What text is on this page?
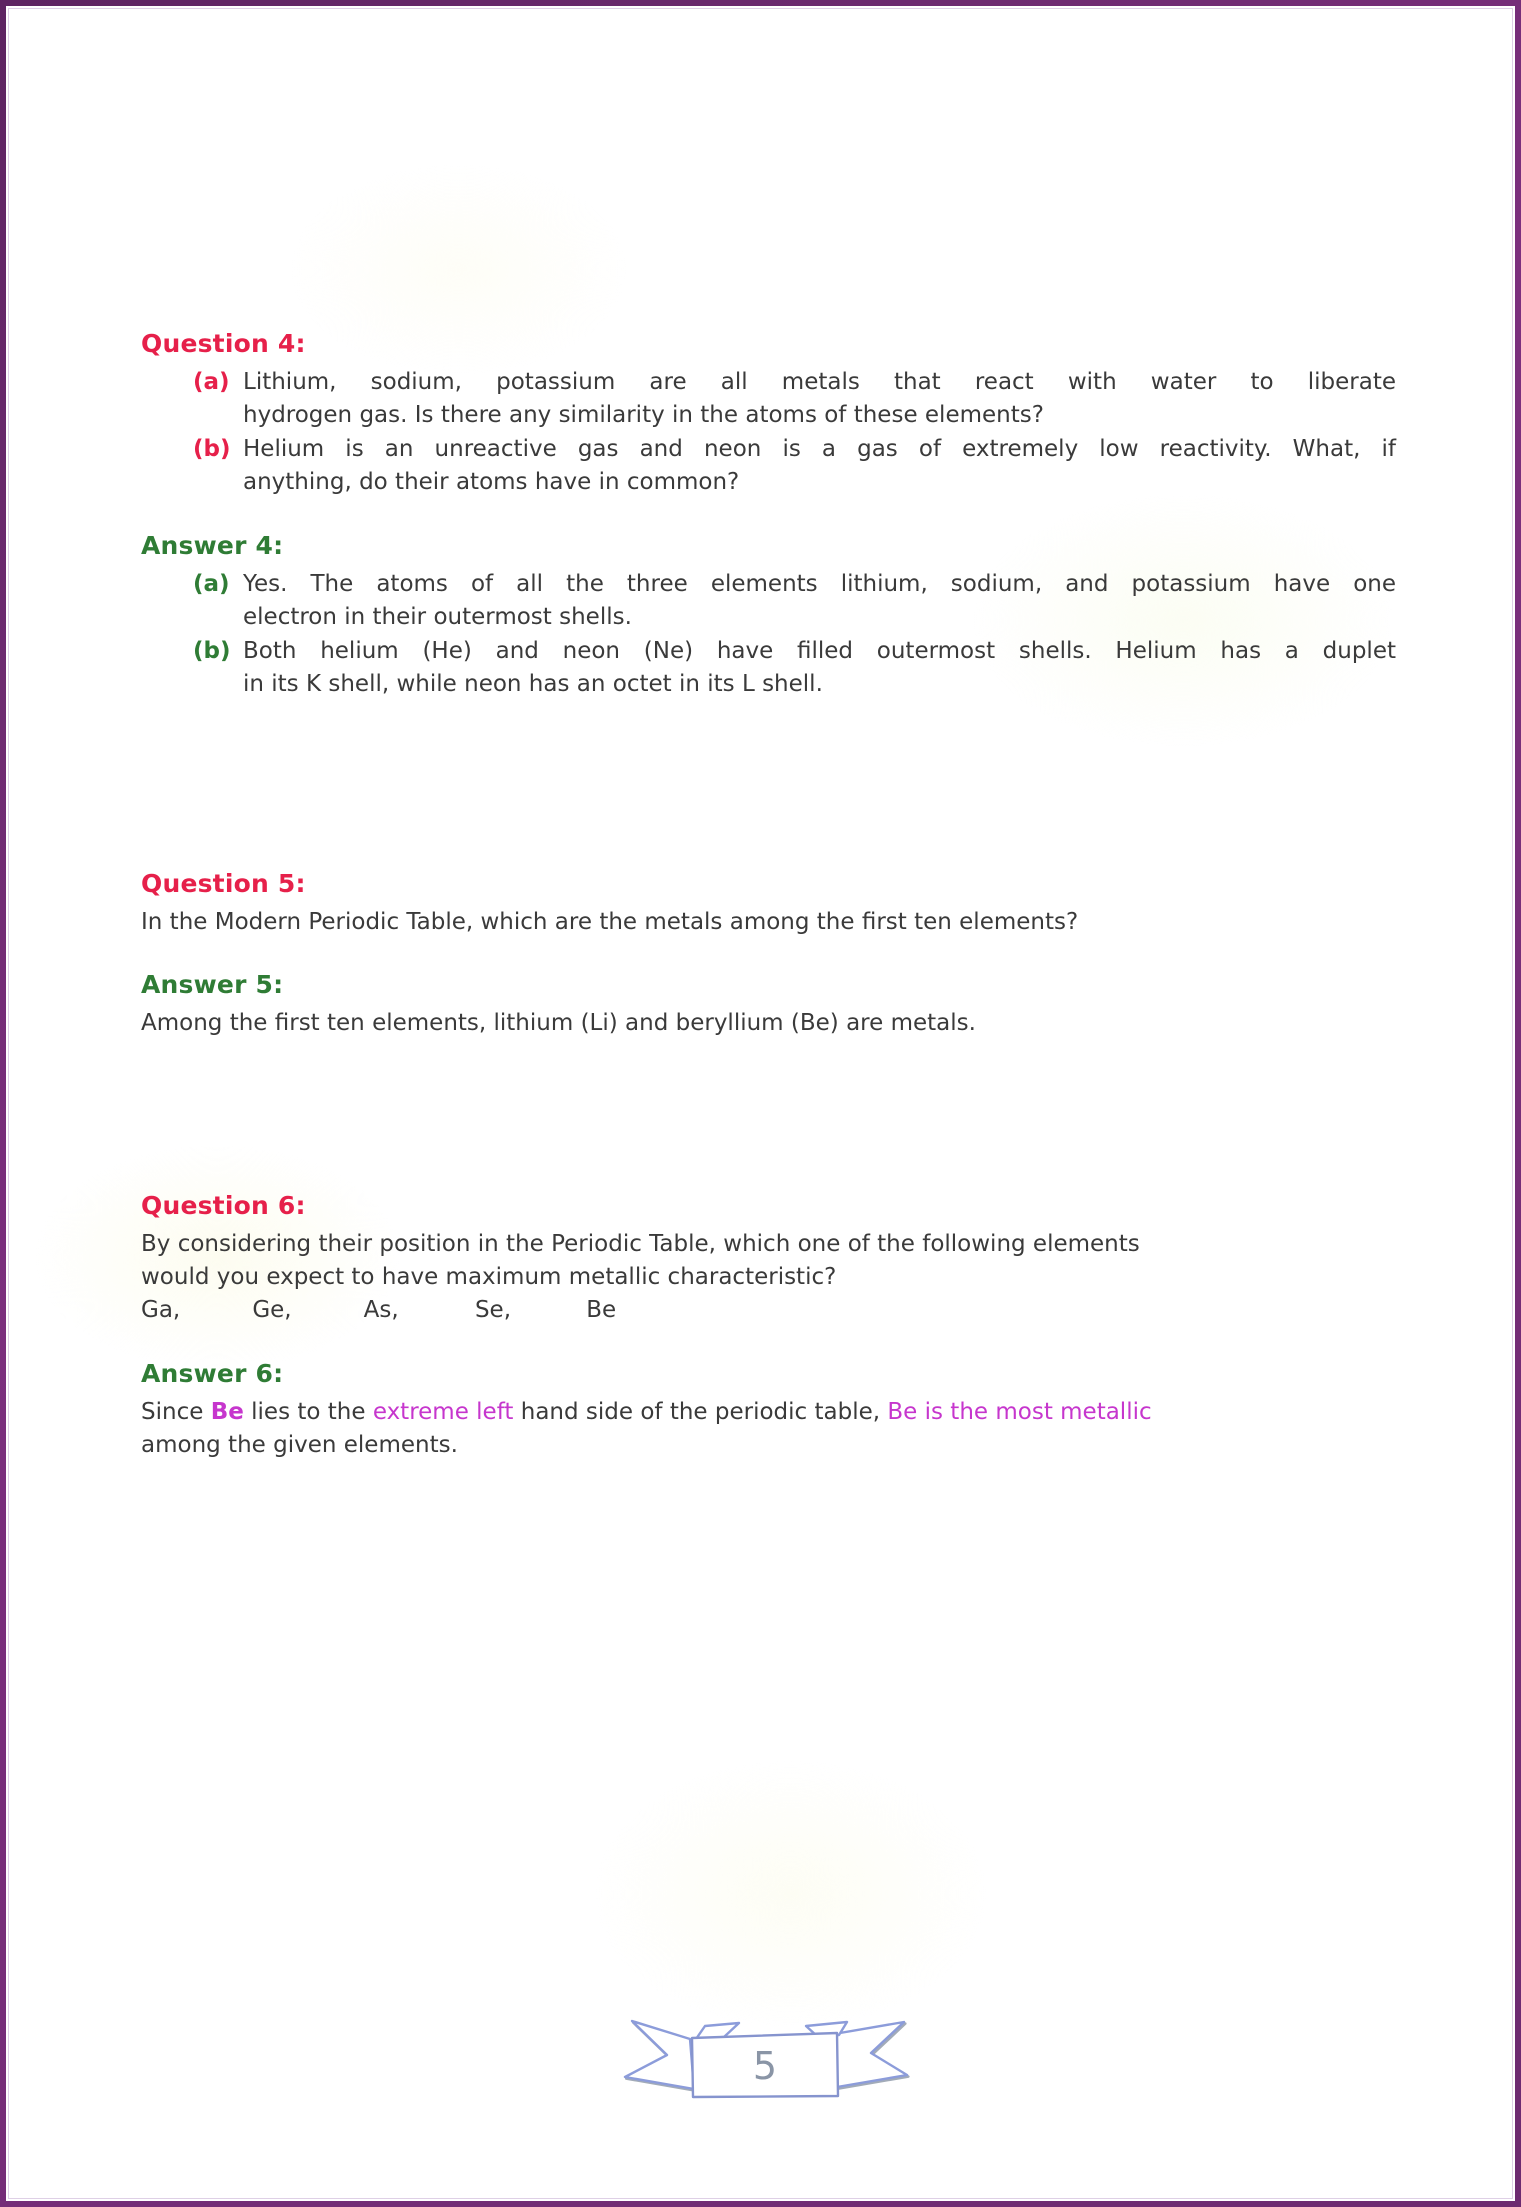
Question 4:
(a) Lithium, sodium, potassium are all metals that react with water to liberate
hydrogen gas. Is there any similarity in the atoms of these elements?
(b) Helium is an unreactive gas and neon is a gas of extremely low reactivity. What, if
anything, do their atoms have in common?
Answer 4:
(a) Yes. The atoms of all the three elements lithium, sodium, and potassium have one
electron in their outermost shells.
(b) Both helium (He) and neon (Ne) have filled outermost shells. Helium has a duplet
in its K shell, while neon has an octet in its L shell.
Question 5:
In the Modern Periodic Table, which are the metals among the first ten elements?
Answer 5:
Among the first ten elements, lithium (Li) and beryllium (Be) are metals.
Question 6:
By considering their position in the Periodic Table, which one of the following elements
would you expect to have maximum metallic characteristic?
Ga,	Ge,	As,	Se,	Be
Answer 6:
Since Be lies to the extreme left hand side of the periodic table, Be is the most metallic
among the given elements.
5
